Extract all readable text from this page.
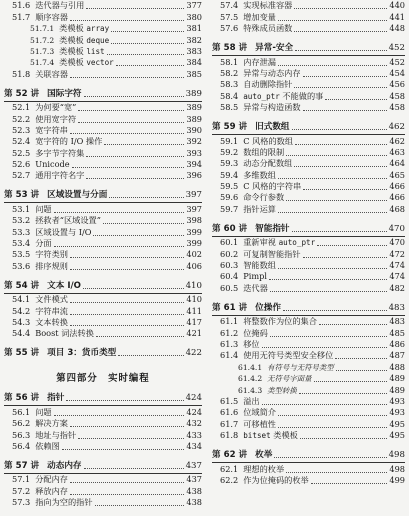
51.6 迭代器与引用	377
51.7 顺序容器	380
51.7.1 类模板 array	381
51.7.2 类模板 deque	382
51.7.3 类模板 list	383
51.7.4 类模板 vector	384
51.8 关联容器	385
第 52 讲 国际字符	389
52.1 为何要“宽”	389
52.2 使用宽字符	389
52.3 宽字符串	390
52.4 宽字符的 I/O 操作	392
52.5 多字节字符集	393
52.6 Unicode	394
52.7 通用字符名字	396
第 53 讲 区域设置与分面	397
53.1 问题	397
53.2 拯救者“区域设置”	398
53.3 区域设置与 I/O	399
53.4 分面	399
53.5 字符类别	402
53.6 排序规则	406
第 54 讲 文本 I/O	410
54.1 文件模式	410
54.2 字符串流	411
54.3 文本转换	417
54.4 Boost 词法转换	421
第 55 讲 项目 3：货币类型	422
第四部分　实时编程
第 56 讲 指针	424
56.1 问题	424
56.2 解决方案	432
56.3 地址与指针	433
56.4 依赖图	434
第 57 讲 动态内存	437
57.1 分配内存	437
57.2 释放内存	438
57.3 指向为空的指针	438
57.4 实现标准容器	440
57.5 增加变量	441
57.6 特殊成员函数	448
第 58 讲 异常-安全	452
58.1 内存泄漏	452
58.2 异常与动态内存	454
58.3 自动删除指针	456
58.4 auto_ptr 不能做的事	458
58.5 异常与构造函数	458
第 59 讲 旧式数组	462
59.1 C 风格的数组	462
59.2 数组的限制	463
59.3 动态分配数组	464
59.4 多维数组	465
59.5 C 风格的字符串	466
59.6 命令行参数	466
59.7 指针运算	468
第 60 讲 智能指针	470
60.1 重新审视 auto_ptr	470
60.2 可复制智能指针	472
60.3 智能数组	474
60.4 Pimpl	474
60.5 迭代器	482
第 61 讲 位操作	483
61.1 将整数作为位的集合	483
61.2 位掩码	485
61.3 移位	486
61.4 使用无符号类型安全移位	487
61.4.1 有符号与无符号类型	488
61.4.2 无符号字面量	489
61.4.3 类型转换	489
61.5 溢出	493
61.6 位域简介	493
61.7 可移植性	495
61.8 bitset 类模板	495
第 62 讲 枚举	498
62.1 理想的枚举	498
62.2 作为位掩码的枚举	499
